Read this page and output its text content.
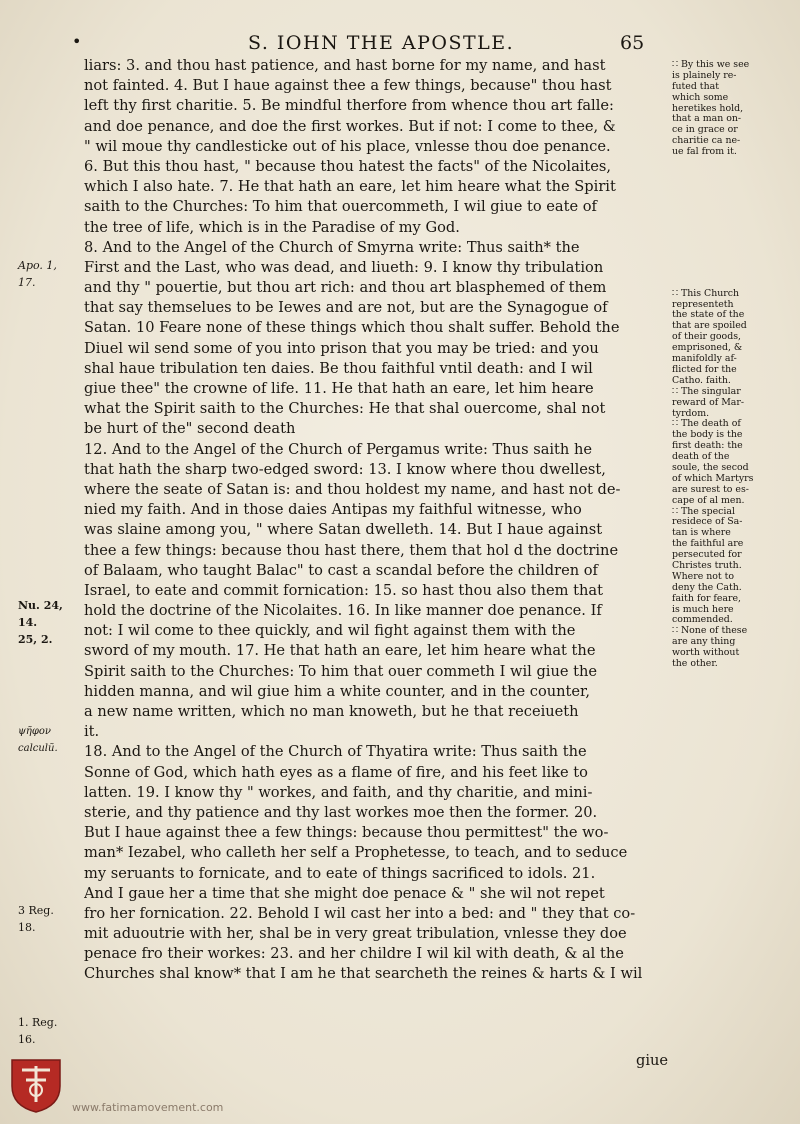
•	S. IOHN THE APOSTLE.	65
liars: 3. and thou hast patience, and hast borne for my name, and hast
not fainted. 4. But I haue against thee a few things, because" thou hast
left thy first charitie. 5. Be mindful therfore from whence thou art falle:
and doe penance, and doe the first workes. But if not: I come to thee, &
" wil moue thy candlesticke out of his place, vnlesse thou doe penance.
6. But this thou hast, " because thou hatest the facts" of the Nicolaites,
which I also hate. 7. He that hath an eare, let him heare what the Spirit
saith to the Churches: To him that ouercommeth, I wil giue to eate of
the tree of life, which is in the Paradise of my God.
8. And to the Angel of the Church of Smyrna write: Thus saith* the
First and the Last, who was dead, and liueth: 9. I know thy tribulation
and thy " pouertie, but thou art rich: and thou art blasphemed of them
that say themselues to be Iewes and are not, but are the Synagogue of
Satan. 10 Feare none of these things which thou shalt suffer. Behold the
Diuel wil send some of you into prison that you may be tried: and you
shal haue tribulation ten daies. Be thou faithful vntil death: and I wil
giue thee" the crowne of life. 11. He that hath an eare, let him heare
what the Spirit saith to the Churches: He that shal ouercome, shal not
be hurt of the" second death
12. And to the Angel of the Church of Pergamus write: Thus saith he
that hath the sharp two-edged sword: 13. I know where thou dwellest,
where the seate of Satan is: and thou holdest my name, and hast not de-
nied my faith. And in those daies Antipas my faithful witnesse, who
was slaine among you, " where Satan dwelleth. 14. But I haue against
thee a few things: because thou hast there, them that hol d the doctrine
of Balaam, who taught Balac" to cast a scandal before the children of
Israel, to eate and commit fornication: 15. so hast thou also them that
hold the doctrine of the Nicolaites. 16. In like manner doe penance. If
not: I wil come to thee quickly, and wil fight against them with the
sword of my mouth. 17. He that hath an eare, let him heare what the
Spirit saith to the Churches: To him that ouer commeth I wil giue the
hidden manna, and wil giue him a white counter, and in the counter,
a new name written, which no man knoweth, but he that receiueth
it.
18. And to the Angel of the Church of Thyatira write: Thus saith the
Sonne of God, which hath eyes as a flame of fire, and his feet like to
latten. 19. I know thy " workes, and faith, and thy charitie, and mini-
sterie, and thy patience and thy last workes moe then the former. 20.
But I haue against thee a few things: because thou permittest" the wo-
man* Iezabel, who calleth her self a Prophetesse, to teach, and to seduce
my seruants to fornicate, and to eate of things sacrificed to idols. 21.
And I gaue her a time that she might doe penace & " she wil not repet
fro her fornication. 22. Behold I wil cast her into a bed: and " they that co-
mit aduoutrie with her, shal be in very great tribulation, vnlesse they doe
penace fro their workes: 23. and her childre I wil kil with death, & al the
Churches shal know* that I am he that searcheth the reines & harts & I wil
∷ By this we see
is plainely re-
futed that
which some
heretikes hold,
that a man on-
ce in grace or
charitie ca ne-
ue fal from it.
∷ This Church
representeth
the state of the
that are spoiled
of their goods,
emprisoned, &
manifoldly af-
flicted for the
Catho. faith.
∷ The singular
reward of Mar-
tyrdom.
∷ The death of
the body is the
first death: the
death of the
soule, the secod
of which Martyrs
are surest to es-
cape of al men.
∷ The special
residece of Sa-
tan is where
the faithful are
persecuted for
Christes truth.
Where not to
deny the Cath.
faith for feare,
is much here
commended.
∷ None of these
are any thing
worth without
the other.
Apo. 1,
17.
Nu. 24,
14.
25, 2.
ψῆφον
calculũ.
3 Reg.
18.
1. Reg.
16.
giue
www.fatimamovement.com
